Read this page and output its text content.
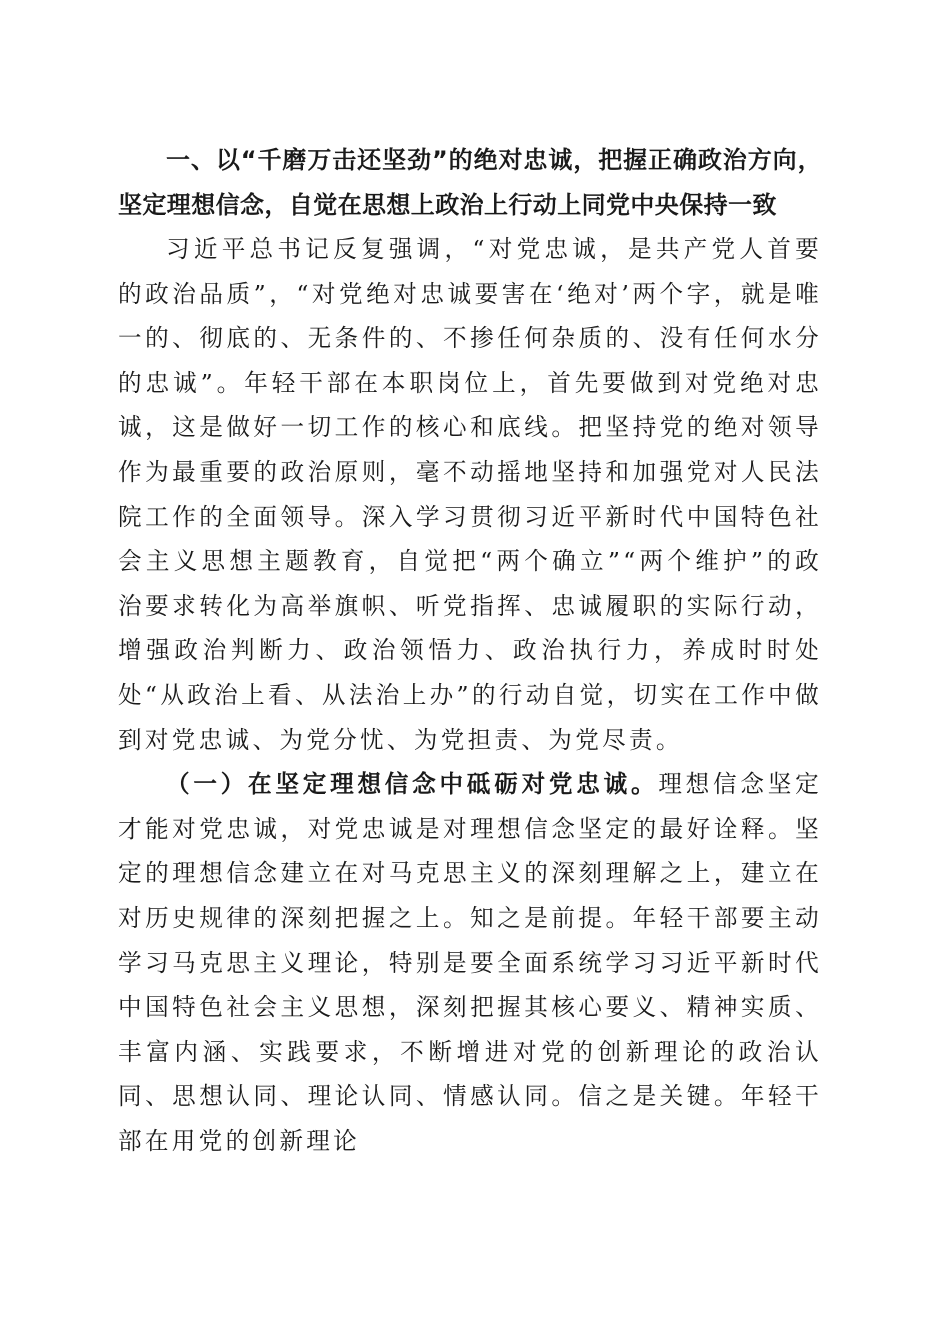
一、以“千磨万击还坚劲”的绝对忠诚，把握正确政治方向，坚定理想信念，自觉在思想上政治上行动上同党中央保持一致

习近平总书记反复强调，“对党忠诚，是共产党人首要的政治品质”，“对党绝对忠诚要害在‘绝对’两个字，就是唯一的、彻底的、无条件的、不掺任何杂质的、没有任何水分的忠诚”。年轻干部在本职岗位上，首先要做到对党绝对忠诚，这是做好一切工作的核心和底线。把坚持党的绝对领导作为最重要的政治原则，毫不动摇地坚持和加强党对人民法院工作的全面领导。深入学习贯彻习近平新时代中国特色社会主义思想主题教育，自觉把“两个确立”“两个维护”的政治要求转化为高举旗帜、听党指挥、忠诚履职的实际行动，增强政治判断力、政治领悟力、政治执行力，养成时时处处“从政治上看、从法治上办”的行动自觉，切实在工作中做到对党忠诚、为党分忧、为党担责、为党尽责。

（一）在坚定理想信念中砥砺对党忠诚。理想信念坚定才能对党忠诚，对党忠诚是对理想信念坚定的最好诠释。坚定的理想信念建立在对马克思主义的深刻理解之上，建立在对历史规律的深刻把握之上。知之是前提。年轻干部要主动学习马克思主义理论，特别是要全面系统学习习近平新时代中国特色社会主义思想，深刻把握其核心要义、精神实质、丰富内涵、实践要求，不断增进对党的创新理论的政治认同、思想认同、理论认同、情感认同。信之是关键。年轻干部在用党的创新理论
